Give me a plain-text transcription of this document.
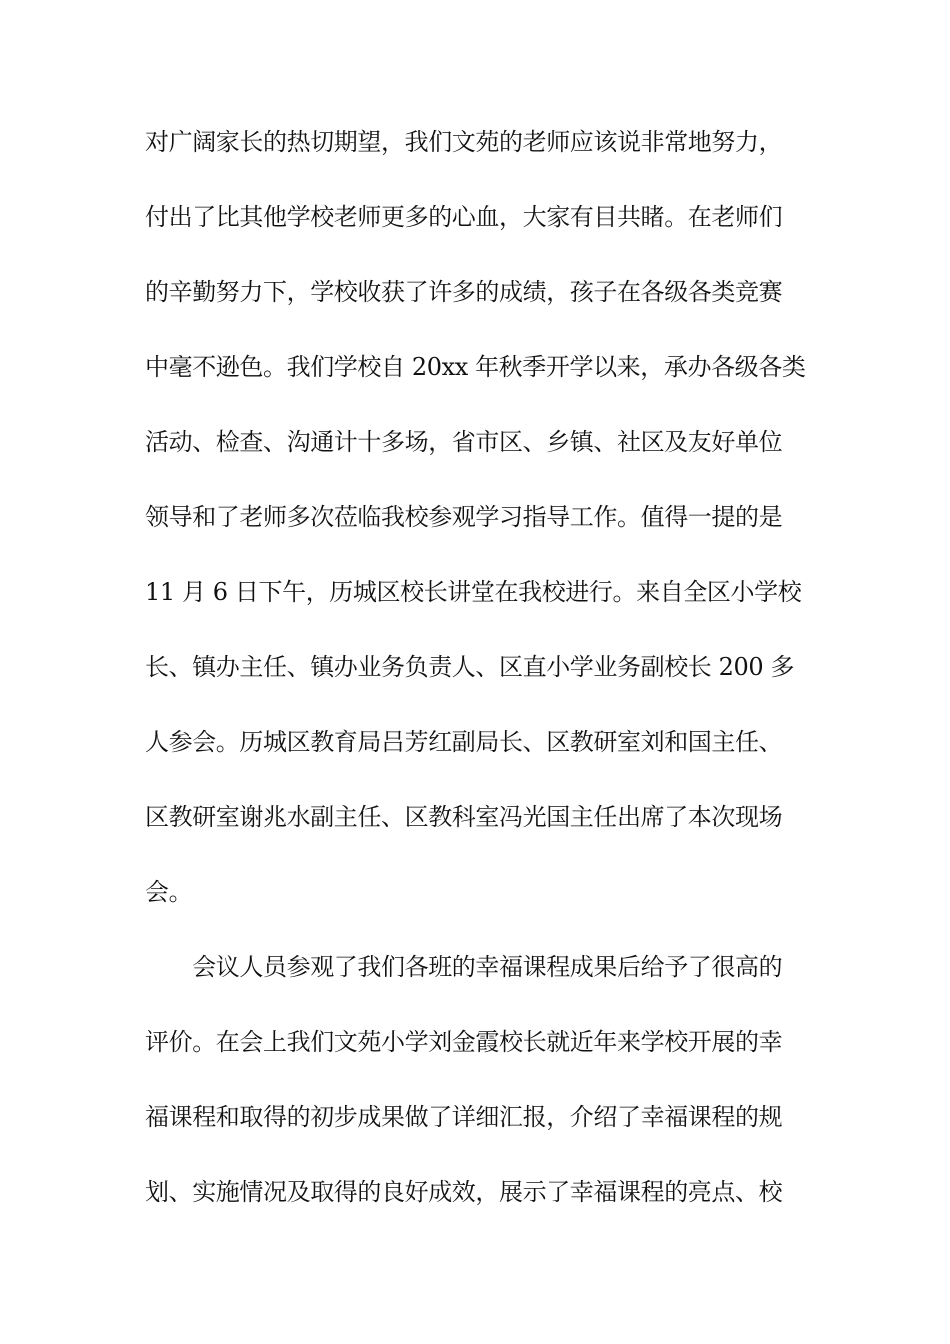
对广阔家长的热切期望，我们文苑的老师应该说非常地努力，
付出了比其他学校老师更多的心血，大家有目共睹。在老师们
的辛勤努力下，学校收获了许多的成绩，孩子在各级各类竞赛
中毫不逊色。我们学校自 20xx 年秋季开学以来，承办各级各类
活动、检查、沟通计十多场，省市区、乡镇、社区及友好单位
领导和了老师多次莅临我校参观学习指导工作。值得一提的是
11 月 6 日下午，历城区校长讲堂在我校进行。来自全区小学校
长、镇办主任、镇办业务负责人、区直小学业务副校长 200 多
人参会。历城区教育局吕芳红副局长、区教研室刘和国主任、
区教研室谢兆水副主任、区教科室冯光国主任出席了本次现场
会。
　　会议人员参观了我们各班的幸福课程成果后给予了很高的
评价。在会上我们文苑小学刘金霞校长就近年来学校开展的幸
福课程和取得的初步成果做了详细汇报，介绍了幸福课程的规
划、实施情况及取得的良好成效，展示了幸福课程的亮点、校
